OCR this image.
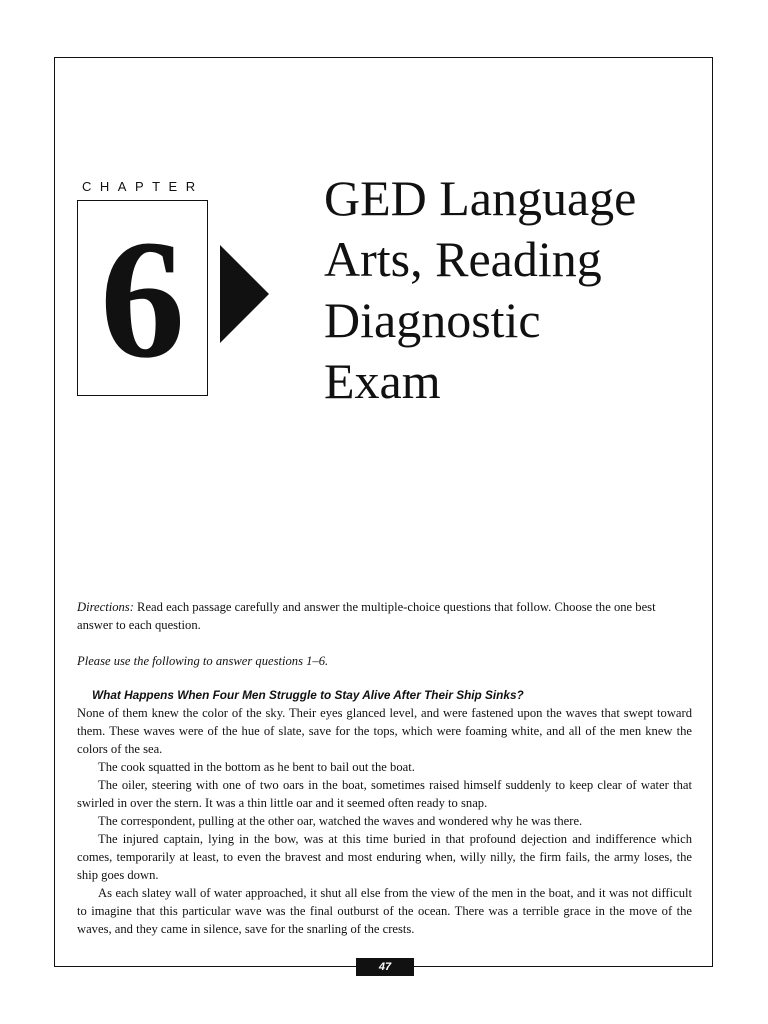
CHAPTER
6
GED Language
Arts, Reading
Diagnostic
Exam
Directions: Read each passage carefully and answer the multiple-choice questions that follow. Choose the one best answer to each question.
Please use the following to answer questions 1–6.
What Happens When Four Men Struggle to Stay Alive After Their Ship Sinks?

None of them knew the color of the sky. Their eyes glanced level, and were fastened upon the waves that swept toward them. These waves were of the hue of slate, save for the tops, which were foaming white, and all of the men knew the colors of the sea.

The cook squatted in the bottom as he bent to bail out the boat.

The oiler, steering with one of two oars in the boat, sometimes raised himself suddenly to keep clear of water that swirled in over the stern. It was a thin little oar and it seemed often ready to snap.

The correspondent, pulling at the other oar, watched the waves and wondered why he was there.

The injured captain, lying in the bow, was at this time buried in that profound dejection and indifference which comes, temporarily at least, to even the bravest and most enduring when, willy nilly, the firm fails, the army loses, the ship goes down.

As each slatey wall of water approached, it shut all else from the view of the men in the boat, and it was not difficult to imagine that this particular wave was the final outburst of the ocean. There was a terrible grace in the move of the waves, and they came in silence, save for the snarling of the crests.

47
